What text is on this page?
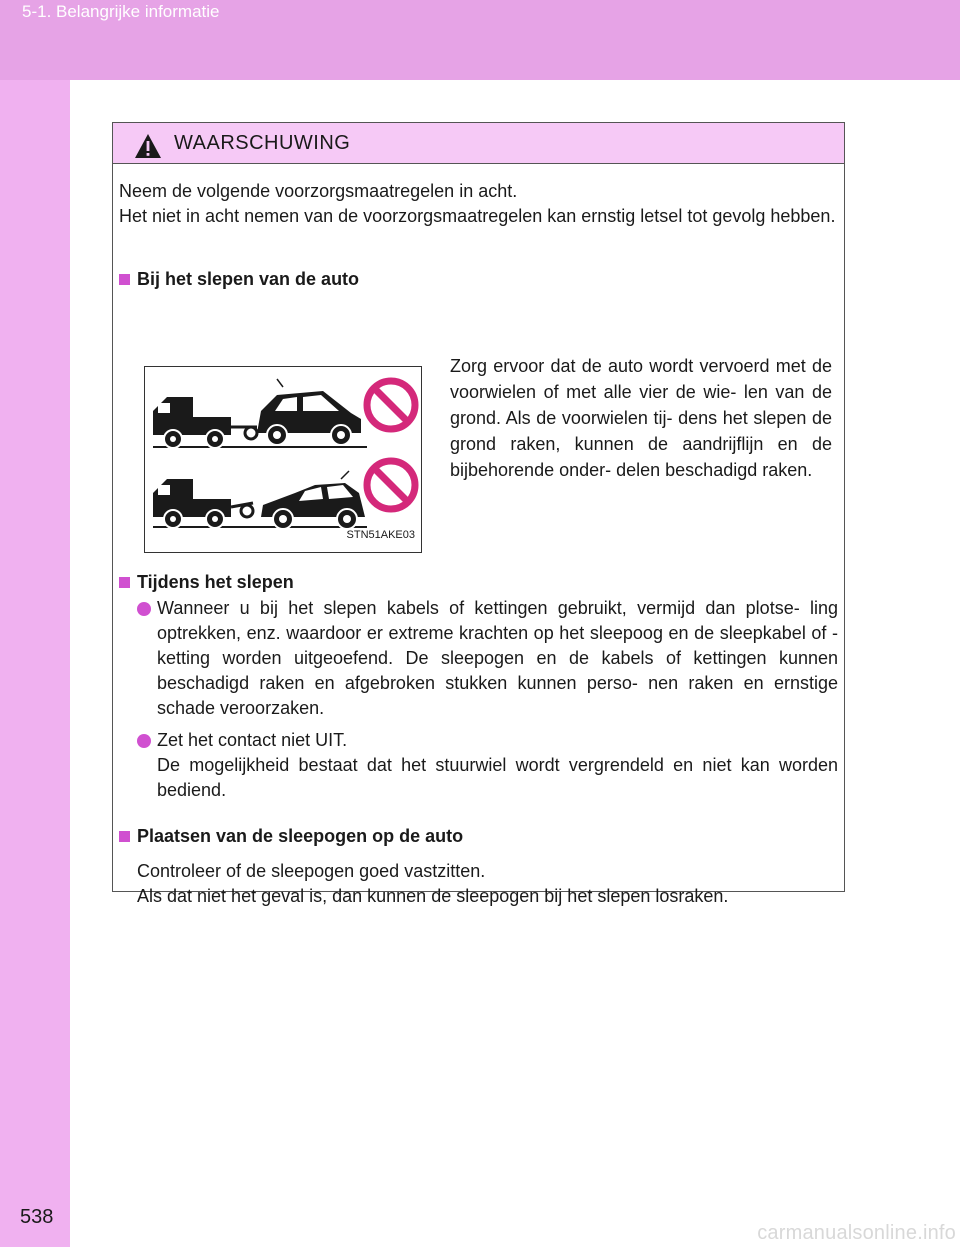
5-1. Belangrijke informatie
WAARSCHUWING
Neem de volgende voorzorgsmaatregelen in acht.
Het niet in acht nemen van de voorzorgsmaatregelen kan ernstig letsel tot gevolg hebben.
Bij het slepen van de auto
STN51AKE03
Zorg ervoor dat de auto wordt vervoerd met de voorwielen of met alle vier de wie- len van de grond. Als de voorwielen tij- dens het slepen de grond raken, kunnen de aandrijflijn en de bijbehorende onder- delen beschadigd raken.
Tijdens het slepen
Wanneer u bij het slepen kabels of kettingen gebruikt, vermijd dan plotse- ling optrekken, enz. waardoor er extreme krachten op het sleepoog en de sleepkabel of -ketting worden uitgeoefend. De sleepogen en de kabels of kettingen kunnen beschadigd raken en afgebroken stukken kunnen perso- nen raken en ernstige schade veroorzaken.
Zet het contact niet UIT.
De mogelijkheid bestaat dat het stuurwiel wordt vergrendeld en niet kan worden bediend.
Plaatsen van de sleepogen op de auto
Controleer of de sleepogen goed vastzitten.
Als dat niet het geval is, dan kunnen de sleepogen bij het slepen losraken.
538
carmanualsonline.info
